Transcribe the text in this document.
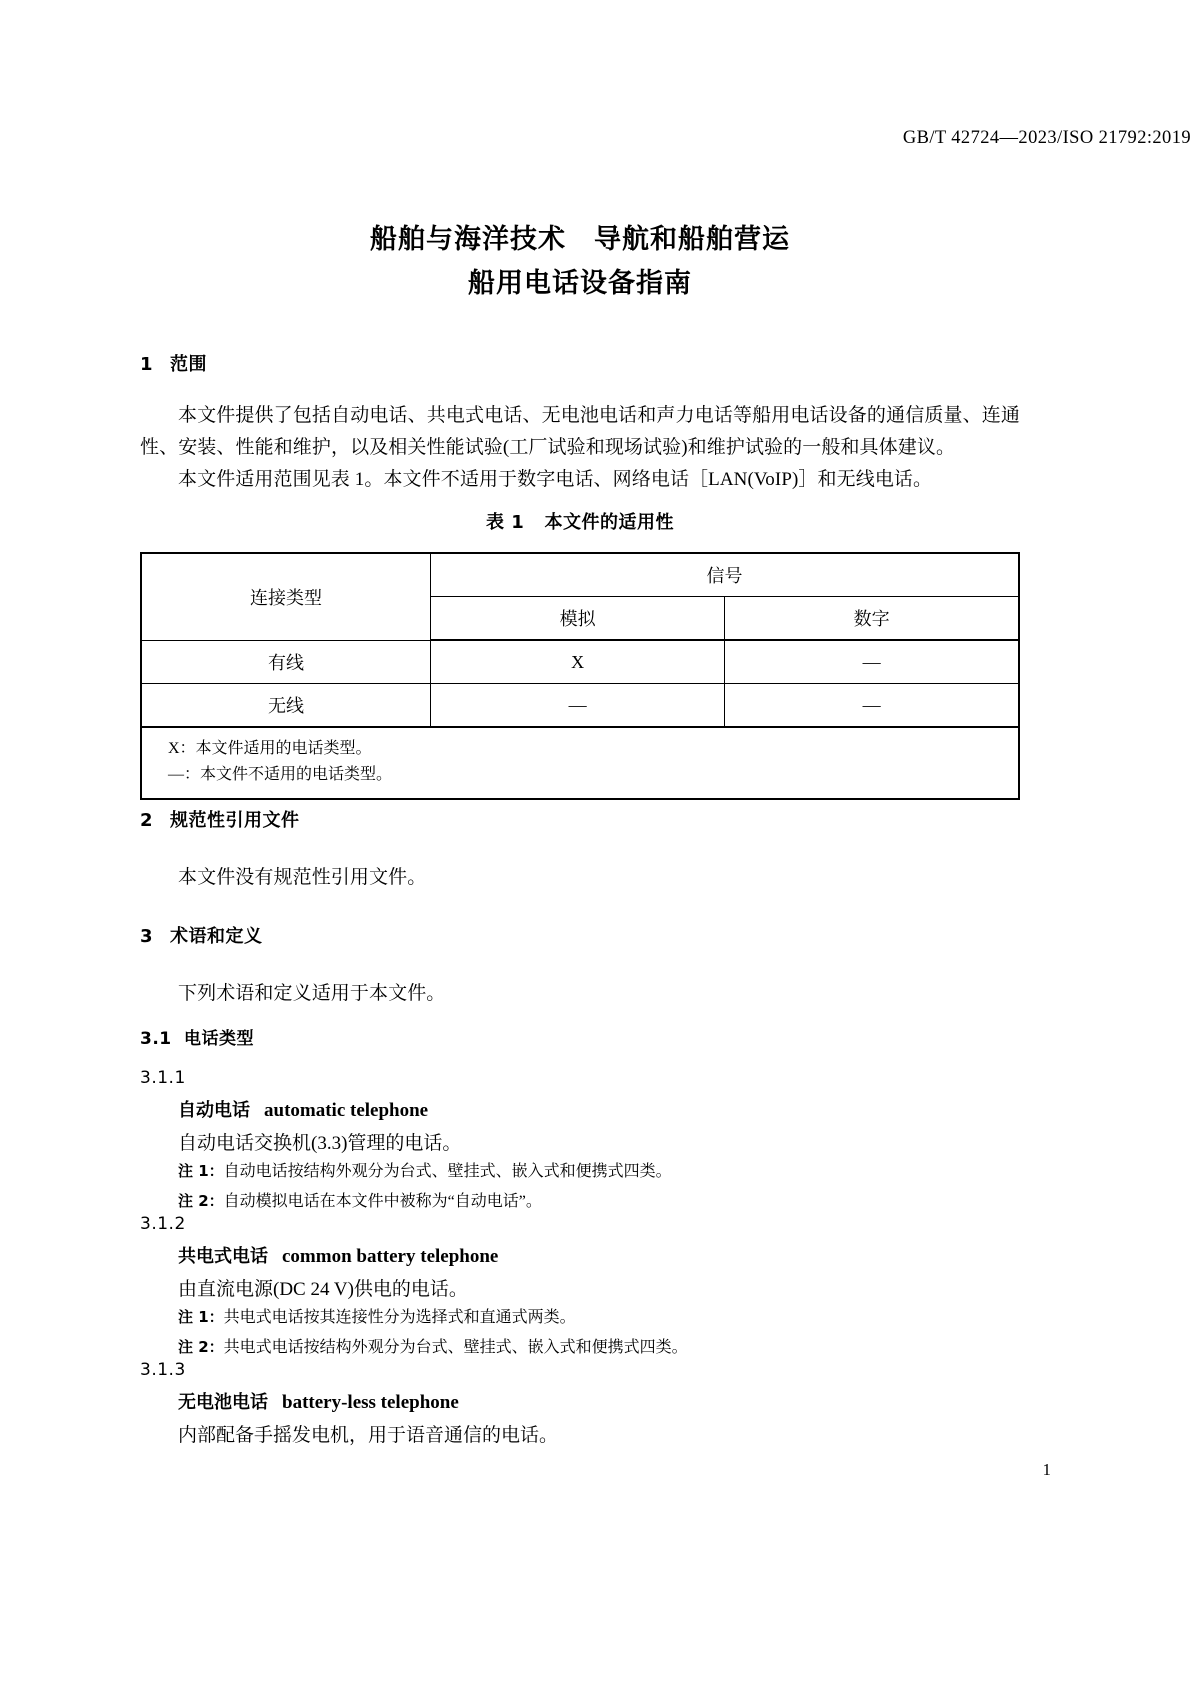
GB/T 42724—2023/ISO 21792:2019
船舶与海洋技术　导航和船舶营运
船用电话设备指南
1 范围
本文件提供了包括自动电话、共电式电话、无电池电话和声力电话等船用电话设备的通信质量、连通性、安装、性能和维护，以及相关性能试验(工厂试验和现场试验)和维护试验的一般和具体建议。
本文件适用范围见表 1。本文件不适用于数字电话、网络电话［LAN(VoIP)］和无线电话。
表 1 本文件的适用性
连接类型	信号	
	模拟	数字
有线	X	—
无线	—	—

X：本文件适用的电话类型。
—：本文件不适用的电话类型。		
2 规范性引用文件
本文件没有规范性引用文件。
3 术语和定义
下列术语和定义适用于本文件。
3.1 电话类型
3.1.1
自动电话 automatic telephone
自动电话交换机(3.3)管理的电话。
注 1：自动电话按结构外观分为台式、壁挂式、嵌入式和便携式四类。
注 2：自动模拟电话在本文件中被称为“自动电话”。
3.1.2
共电式电话 common battery telephone
由直流电源(DC 24 V)供电的电话。
注 1：共电式电话按其连接性分为选择式和直通式两类。
注 2：共电式电话按结构外观分为台式、壁挂式、嵌入式和便携式四类。
3.1.3
无电池电话 battery-less telephone
内部配备手摇发电机，用于语音通信的电话。
1
